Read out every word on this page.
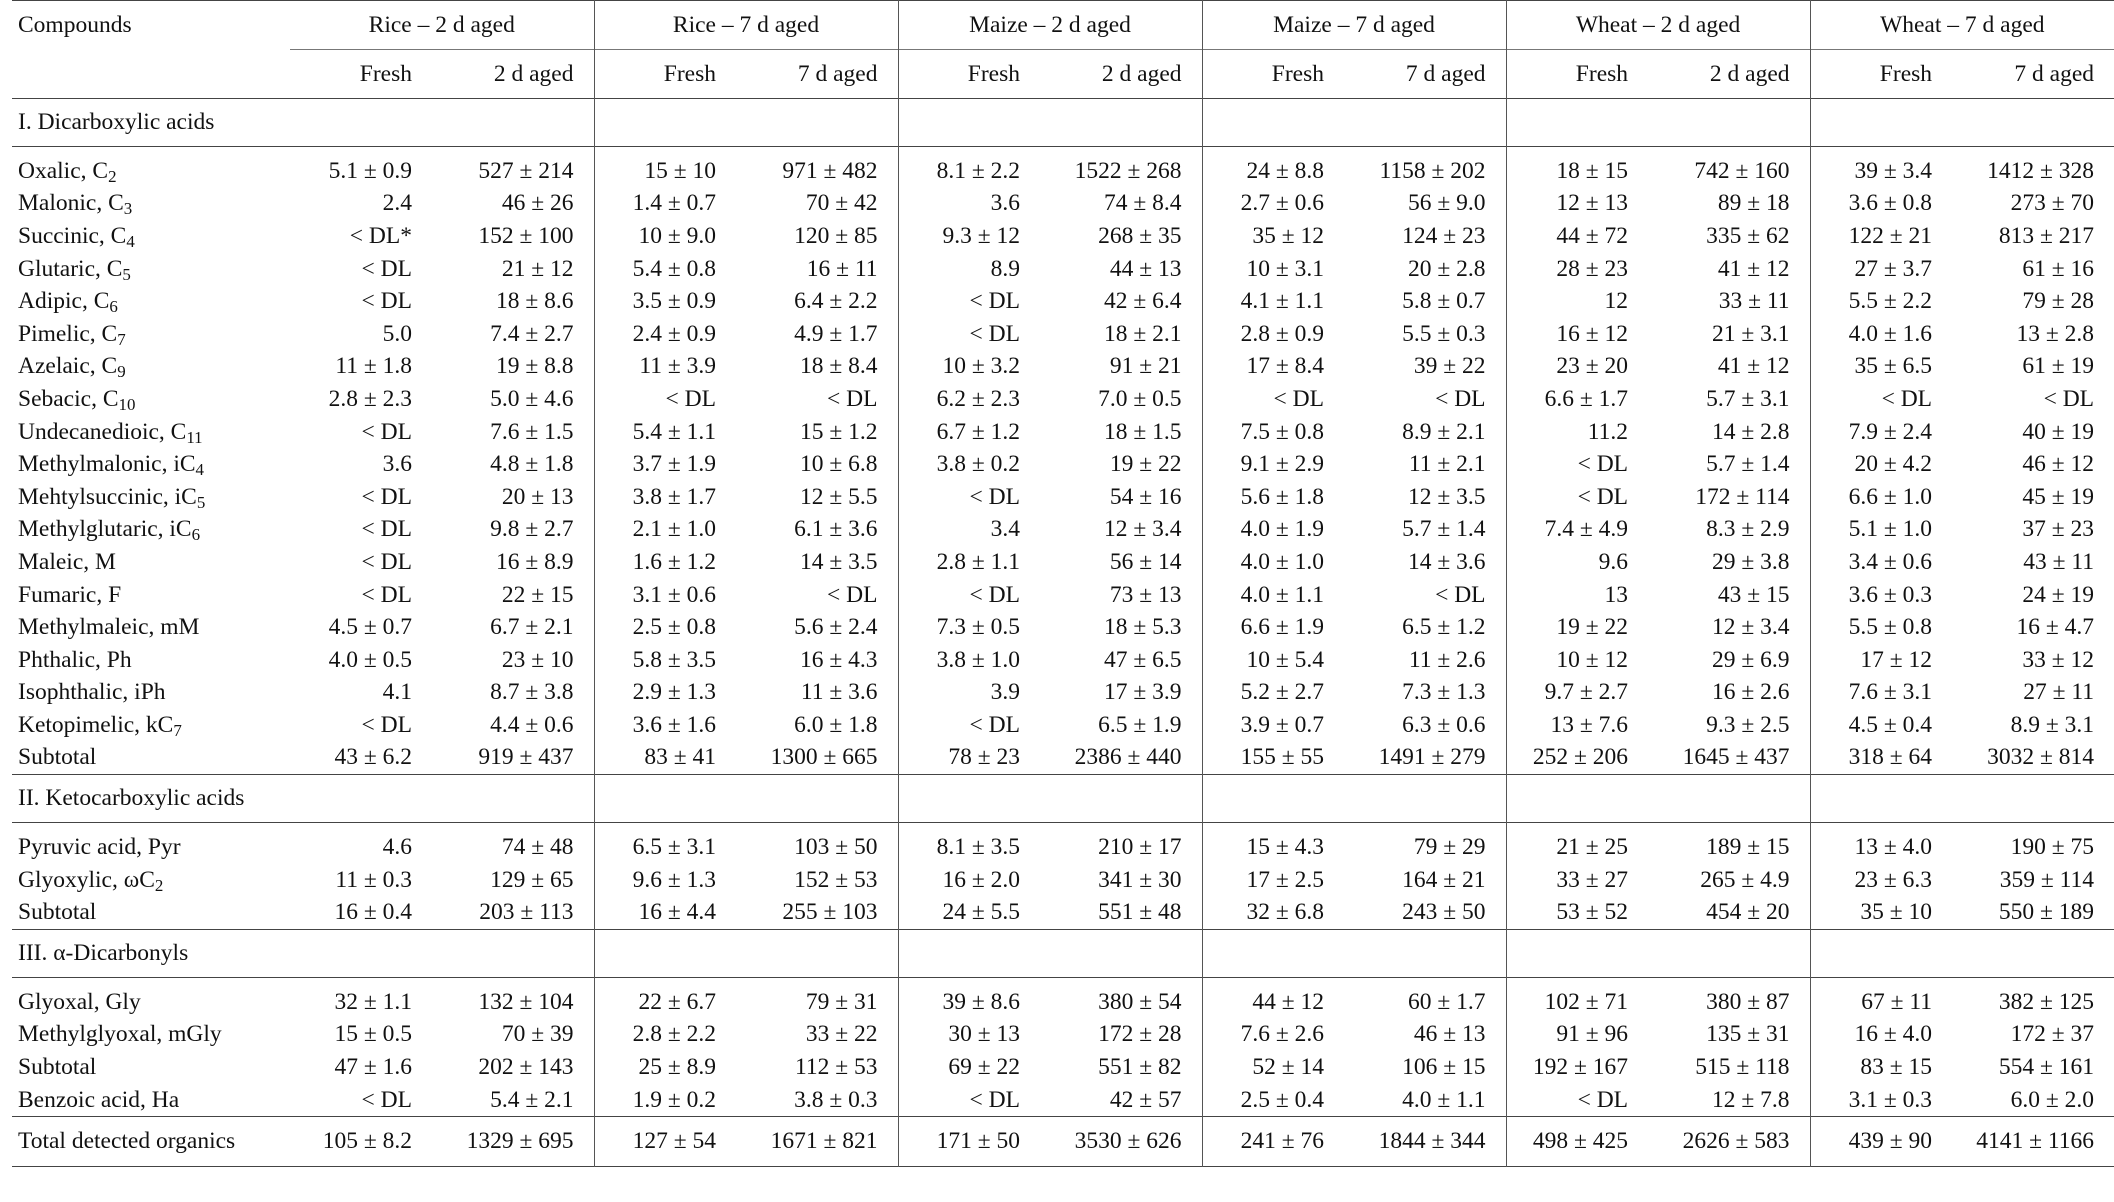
Compounds	Rice – 2 d aged		Rice – 7 d aged		Maize – 2 d aged		Maize – 7 d aged		Wheat – 2 d aged		Wheat – 7 d aged	
	Fresh	2 d aged	Fresh	7 d aged	Fresh	2 d aged	Fresh	7 d aged	Fresh	2 d aged	Fresh	7 d aged
I. Dicarboxylic acids												
Oxalic, $C_2$	5.1 ± 0.9	527 ± 214	15 ± 10	971 ± 482	8.1 ± 2.2	1522 ± 268	24 ± 8.8	1158 ± 202	18 ± 15	742 ± 160	39 ± 3.4	1412 ± 328
Malonic, $C_3$	2.4	46 ± 26	1.4 ± 0.7	70 ± 42	3.6	74 ± 8.4	2.7 ± 0.6	56 ± 9.0	12 ± 13	89 ± 18	3.6 ± 0.8	273 ± 70
Succinic, $C_4$	< DL*	152 ± 100	10 ± 9.0	120 ± 85	9.3 ± 12	268 ± 35	35 ± 12	124 ± 23	44 ± 72	335 ± 62	122 ± 21	813 ± 217
Glutaric, $C_5$	< DL	21 ± 12	5.4 ± 0.8	16 ± 11	8.9	44 ± 13	10 ± 3.1	20 ± 2.8	28 ± 23	41 ± 12	27 ± 3.7	61 ± 16
Adipic, $C_6$	< DL	18 ± 8.6	3.5 ± 0.9	6.4 ± 2.2	< DL	42 ± 6.4	4.1 ± 1.1	5.8 ± 0.7	12	33 ± 11	5.5 ± 2.2	79 ± 28
Pimelic, $C_7$	5.0	7.4 ± 2.7	2.4 ± 0.9	4.9 ± 1.7	< DL	18 ± 2.1	2.8 ± 0.9	5.5 ± 0.3	16 ± 12	21 ± 3.1	4.0 ± 1.6	13 ± 2.8
Azelaic, $C_9$	11 ± 1.8	19 ± 8.8	11 ± 3.9	18 ± 8.4	10 ± 3.2	91 ± 21	17 ± 8.4	39 ± 22	23 ± 20	41 ± 12	35 ± 6.5	61 ± 19
Sebacic, $C_{10}$	2.8 ± 2.3	5.0 ± 4.6	< DL	< DL	6.2 ± 2.3	7.0 ± 0.5	< DL	< DL	6.6 ± 1.7	5.7 ± 3.1	< DL	< DL
Undecanedioic, $C_{11}$	< DL	7.6 ± 1.5	5.4 ± 1.1	15 ± 1.2	6.7 ± 1.2	18 ± 1.5	7.5 ± 0.8	8.9 ± 2.1	11.2	14 ± 2.8	7.9 ± 2.4	40 ± 19
Methylmalonic, $iC_4$	3.6	4.8 ± 1.8	3.7 ± 1.9	10 ± 6.8	3.8 ± 0.2	19 ± 22	9.1 ± 2.9	11 ± 2.1	< DL	5.7 ± 1.4	20 ± 4.2	46 ± 12
Mehtylsuccinic, $iC_5$	< DL	20 ± 13	3.8 ± 1.7	12 ± 5.5	< DL	54 ± 16	5.6 ± 1.8	12 ± 3.5	< DL	172 ± 114	6.6 ± 1.0	45 ± 19
Methylglutaric, $iC_6$	< DL	9.8 ± 2.7	2.1 ± 1.0	6.1 ± 3.6	3.4	12 ± 3.4	4.0 ± 1.9	5.7 ± 1.4	7.4 ± 4.9	8.3 ± 2.9	5.1 ± 1.0	37 ± 23
Maleic, M	< DL	16 ± 8.9	1.6 ± 1.2	14 ± 3.5	2.8 ± 1.1	56 ± 14	4.0 ± 1.0	14 ± 3.6	9.6	29 ± 3.8	3.4 ± 0.6	43 ± 11
Fumaric, F	< DL	22 ± 15	3.1 ± 0.6	< DL	< DL	73 ± 13	4.0 ± 1.1	< DL	13	43 ± 15	3.6 ± 0.3	24 ± 19
Methylmaleic, mM	4.5 ± 0.7	6.7 ± 2.1	2.5 ± 0.8	5.6 ± 2.4	7.3 ± 0.5	18 ± 5.3	6.6 ± 1.9	6.5 ± 1.2	19 ± 22	12 ± 3.4	5.5 ± 0.8	16 ± 4.7
Phthalic, Ph	4.0 ± 0.5	23 ± 10	5.8 ± 3.5	16 ± 4.3	3.8 ± 1.0	47 ± 6.5	10 ± 5.4	11 ± 2.6	10 ± 12	29 ± 6.9	17 ± 12	33 ± 12
Isophthalic, iPh	4.1	8.7 ± 3.8	2.9 ± 1.3	11 ± 3.6	3.9	17 ± 3.9	5.2 ± 2.7	7.3 ± 1.3	9.7 ± 2.7	16 ± 2.6	7.6 ± 3.1	27 ± 11
Ketopimelic, $kC_7$	< DL	4.4 ± 0.6	3.6 ± 1.6	6.0 ± 1.8	< DL	6.5 ± 1.9	3.9 ± 0.7	6.3 ± 0.6	13 ± 7.6	9.3 ± 2.5	4.5 ± 0.4	8.9 ± 3.1
Subtotal	43 ± 6.2	919 ± 437	83 ± 41	1300 ± 665	78 ± 23	2386 ± 440	155 ± 55	1491 ± 279	252 ± 206	1645 ± 437	318 ± 64	3032 ± 814
II. Ketocarboxylic acids												
Pyruvic acid, Pyr	4.6	74 ± 48	6.5 ± 3.1	103 ± 50	8.1 ± 3.5	210 ± 17	15 ± 4.3	79 ± 29	21 ± 25	189 ± 15	13 ± 4.0	190 ± 75
Glyoxylic, $\omega C_2$	11 ± 0.3	129 ± 65	9.6 ± 1.3	152 ± 53	16 ± 2.0	341 ± 30	17 ± 2.5	164 ± 21	33 ± 27	265 ± 4.9	23 ± 6.3	359 ± 114
Subtotal	16 ± 0.4	203 ± 113	16 ± 4.4	255 ± 103	24 ± 5.5	551 ± 48	32 ± 6.8	243 ± 50	53 ± 52	454 ± 20	35 ± 10	550 ± 189
III. α-Dicarbonyls												
Glyoxal, Gly	32 ± 1.1	132 ± 104	22 ± 6.7	79 ± 31	39 ± 8.6	380 ± 54	44 ± 12	60 ± 1.7	102 ± 71	380 ± 87	67 ± 11	382 ± 125
Methylglyoxal, mGly	15 ± 0.5	70 ± 39	2.8 ± 2.2	33 ± 22	30 ± 13	172 ± 28	7.6 ± 2.6	46 ± 13	91 ± 96	135 ± 31	16 ± 4.0	172 ± 37
Subtotal	47 ± 1.6	202 ± 143	25 ± 8.9	112 ± 53	69 ± 22	551 ± 82	52 ± 14	106 ± 15	192 ± 167	515 ± 118	83 ± 15	554 ± 161
Benzoic acid, Ha	< DL	5.4 ± 2.1	1.9 ± 0.2	3.8 ± 0.3	< DL	42 ± 57	2.5 ± 0.4	4.0 ± 1.1	< DL	12 ± 7.8	3.1 ± 0.3	6.0 ± 2.0
Total detected organics	105 ± 8.2	1329 ± 695	127 ± 54	1671 ± 821	171 ± 50	3530 ± 626	241 ± 76	1844 ± 344	498 ± 425	2626 ± 583	439 ± 90	4141 ± 1166
